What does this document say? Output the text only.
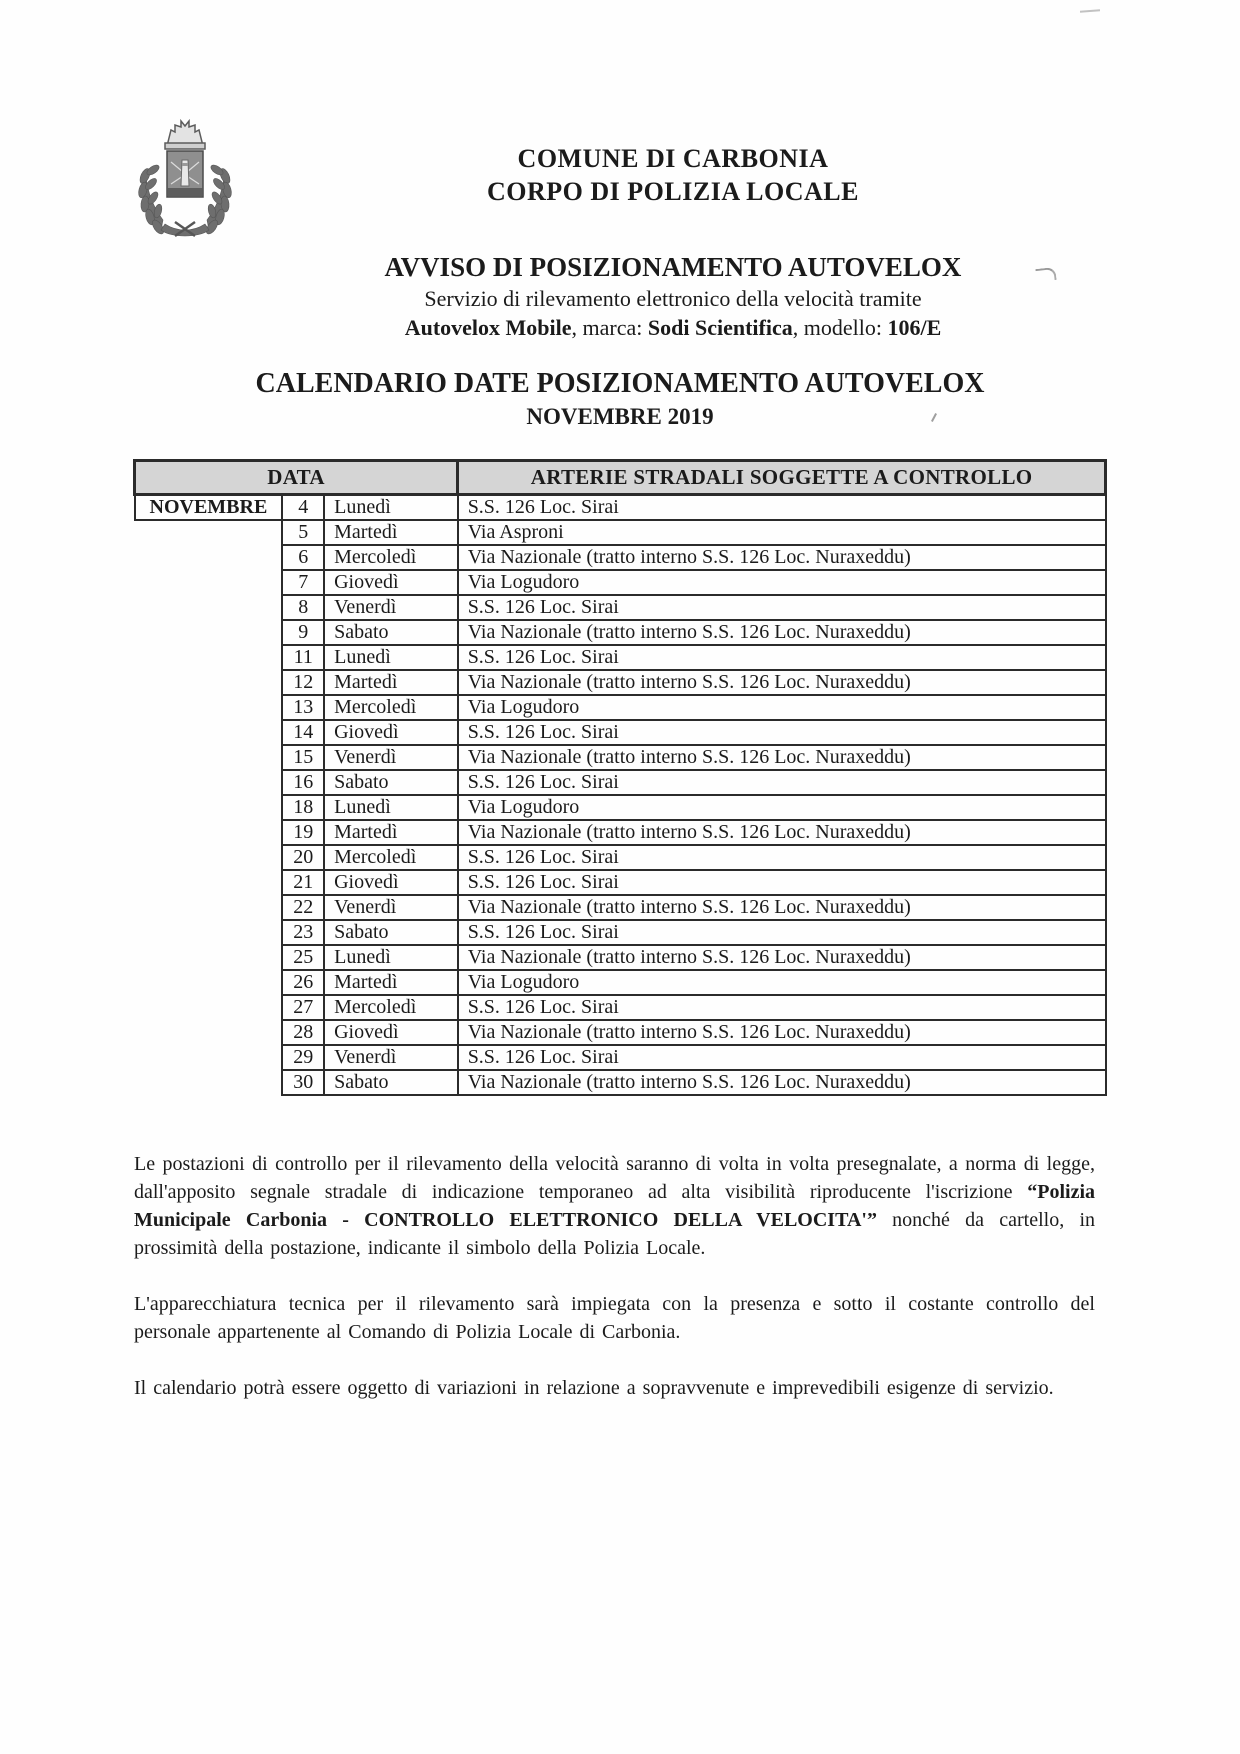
COMUNE DI CARBONIA
CORPO DI POLIZIA LOCALE
AVVISO DI POSIZIONAMENTO AUTOVELOX
Servizio di rilevamento elettronico della velocità tramite
Autovelox Mobile, marca: Sodi Scientifica, modello: 106/E
CALENDARIO DATE POSIZIONAMENTO AUTOVELOX
NOVEMBRE 2019
DATA			ARTERIE STRADALI SOGGETTE A CONTROLLO
NOVEMBRE	4	Lunedì	S.S. 126 Loc. Sirai
	5	Martedì	Via Asproni
	6	Mercoledì	Via Nazionale (tratto interno S.S. 126 Loc. Nuraxeddu)
	7	Giovedì	Via Logudoro
	8	Venerdì	S.S. 126 Loc. Sirai
	9	Sabato	Via Nazionale (tratto interno S.S. 126 Loc. Nuraxeddu)
	11	Lunedì	S.S. 126 Loc. Sirai
	12	Martedì	Via Nazionale (tratto interno S.S. 126 Loc. Nuraxeddu)
	13	Mercoledì	Via Logudoro
	14	Giovedì	S.S. 126 Loc. Sirai
	15	Venerdì	Via Nazionale (tratto interno S.S. 126 Loc. Nuraxeddu)
	16	Sabato	S.S. 126 Loc. Sirai
	18	Lunedì	Via Logudoro
	19	Martedì	Via Nazionale (tratto interno S.S. 126 Loc. Nuraxeddu)
	20	Mercoledì	S.S. 126 Loc. Sirai
	21	Giovedì	S.S. 126 Loc. Sirai
	22	Venerdì	Via Nazionale (tratto interno S.S. 126 Loc. Nuraxeddu)
	23	Sabato	S.S. 126 Loc. Sirai
	25	Lunedì	Via Nazionale (tratto interno S.S. 126 Loc. Nuraxeddu)
	26	Martedì	Via Logudoro
	27	Mercoledì	S.S. 126 Loc. Sirai
	28	Giovedì	Via Nazionale (tratto interno S.S. 126 Loc. Nuraxeddu)
	29	Venerdì	S.S. 126 Loc. Sirai
	30	Sabato	Via Nazionale (tratto interno S.S. 126 Loc. Nuraxeddu)

Le postazioni di controllo per il rilevamento della velocità saranno di volta in volta presegnalate, a norma di legge, dall'apposito segnale stradale di indicazione temporaneo ad alta visibilità riproducente l'iscrizione “Polizia Municipale Carbonia - CONTROLLO ELETTRONICO DELLA VELOCITA'” nonché da cartello, in prossimità della postazione, indicante il simbolo della Polizia Locale.

L'apparecchiatura tecnica per il rilevamento sarà impiegata con la presenza e sotto il costante controllo del personale appartenente al Comando di Polizia Locale di Carbonia.

Il calendario potrà essere oggetto di variazioni in relazione a sopravvenute e imprevedibili esigenze di servizio.
